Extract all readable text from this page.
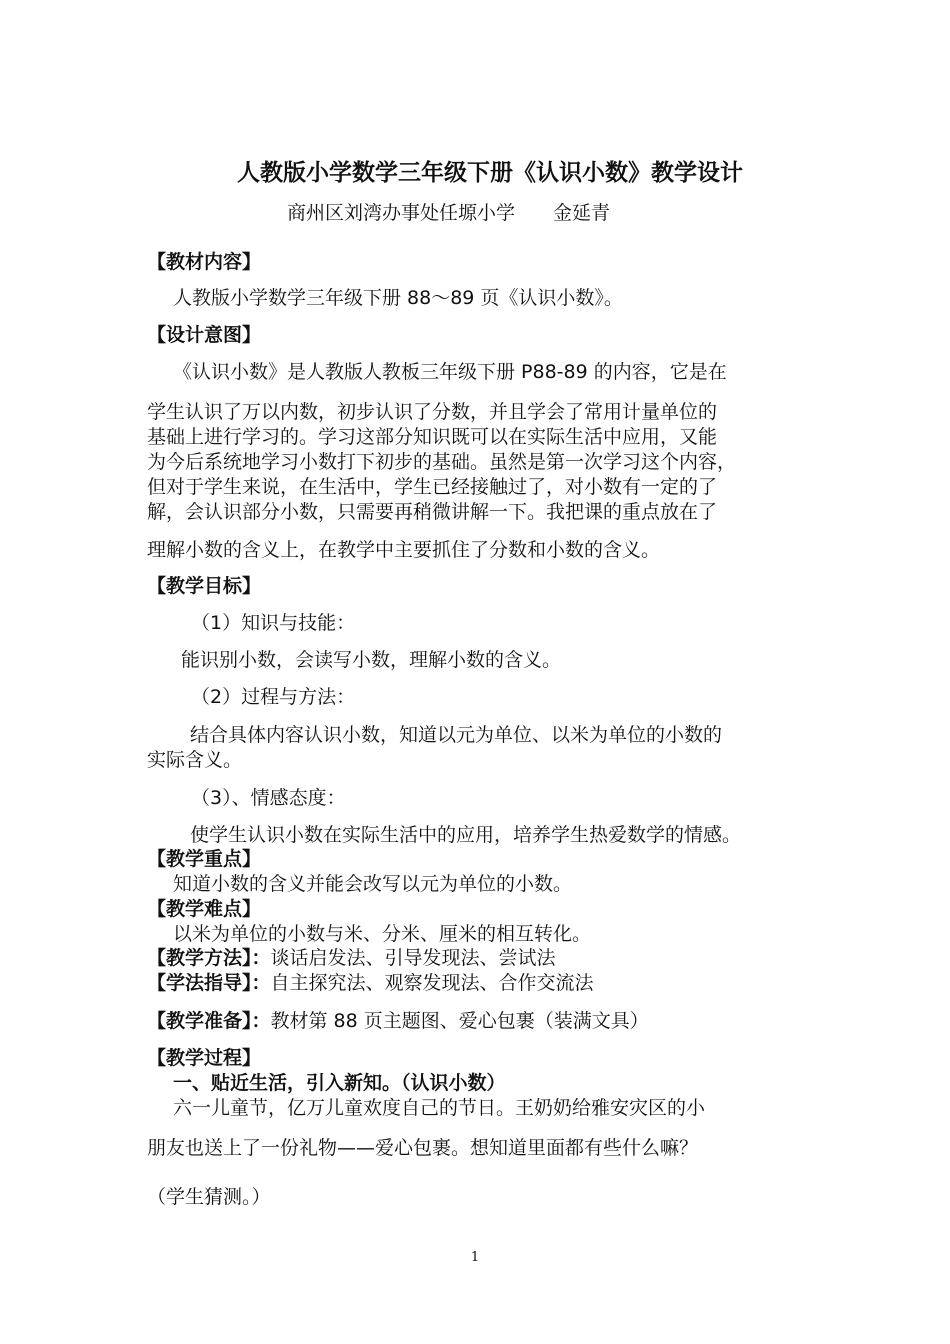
人教版小学数学三年级下册《认识小数》教学设计
商州区刘湾办事处任塬小学　　金延青
【教材内容】
人教版小学数学三年级下册 88～89 页《认识小数》。
【设计意图】
《认识小数》是人教版人教板三年级下册 P88-89 的内容，它是在
学生认识了万以内数，初步认识了分数，并且学会了常用计量单位的
基础上进行学习的。学习这部分知识既可以在实际生活中应用，又能
为今后系统地学习小数打下初步的基础。虽然是第一次学习这个内容，
但对于学生来说，在生活中，学生已经接触过了，对小数有一定的了
解，会认识部分小数，只需要再稍微讲解一下。我把课的重点放在了
理解小数的含义上，在教学中主要抓住了分数和小数的含义。
【教学目标】
（1）知识与技能：
能识别小数，会读写小数，理解小数的含义。
（2）过程与方法：
结合具体内容认识小数，知道以元为单位、以米为单位的小数的
实际含义。
（3）、情感态度：
使学生认识小数在实际生活中的应用，培养学生热爱数学的情感。
【教学重点】
知道小数的含义并能会改写以元为单位的小数。
【教学难点】
以米为单位的小数与米、分米、厘米的相互转化。
【教学方法】：谈话启发法、引导发现法、尝试法
【学法指导】：自主探究法、观察发现法、合作交流法
【教学准备】：教材第 88 页主题图、爱心包裹（装满文具）
【教学过程】
一、贴近生活，引入新知。（认识小数）
六一儿童节，亿万儿童欢度自己的节日。王奶奶给雅安灾区的小
朋友也送上了一份礼物——爱心包裹。想知道里面都有些什么嘛？
（学生猜测。）
1
